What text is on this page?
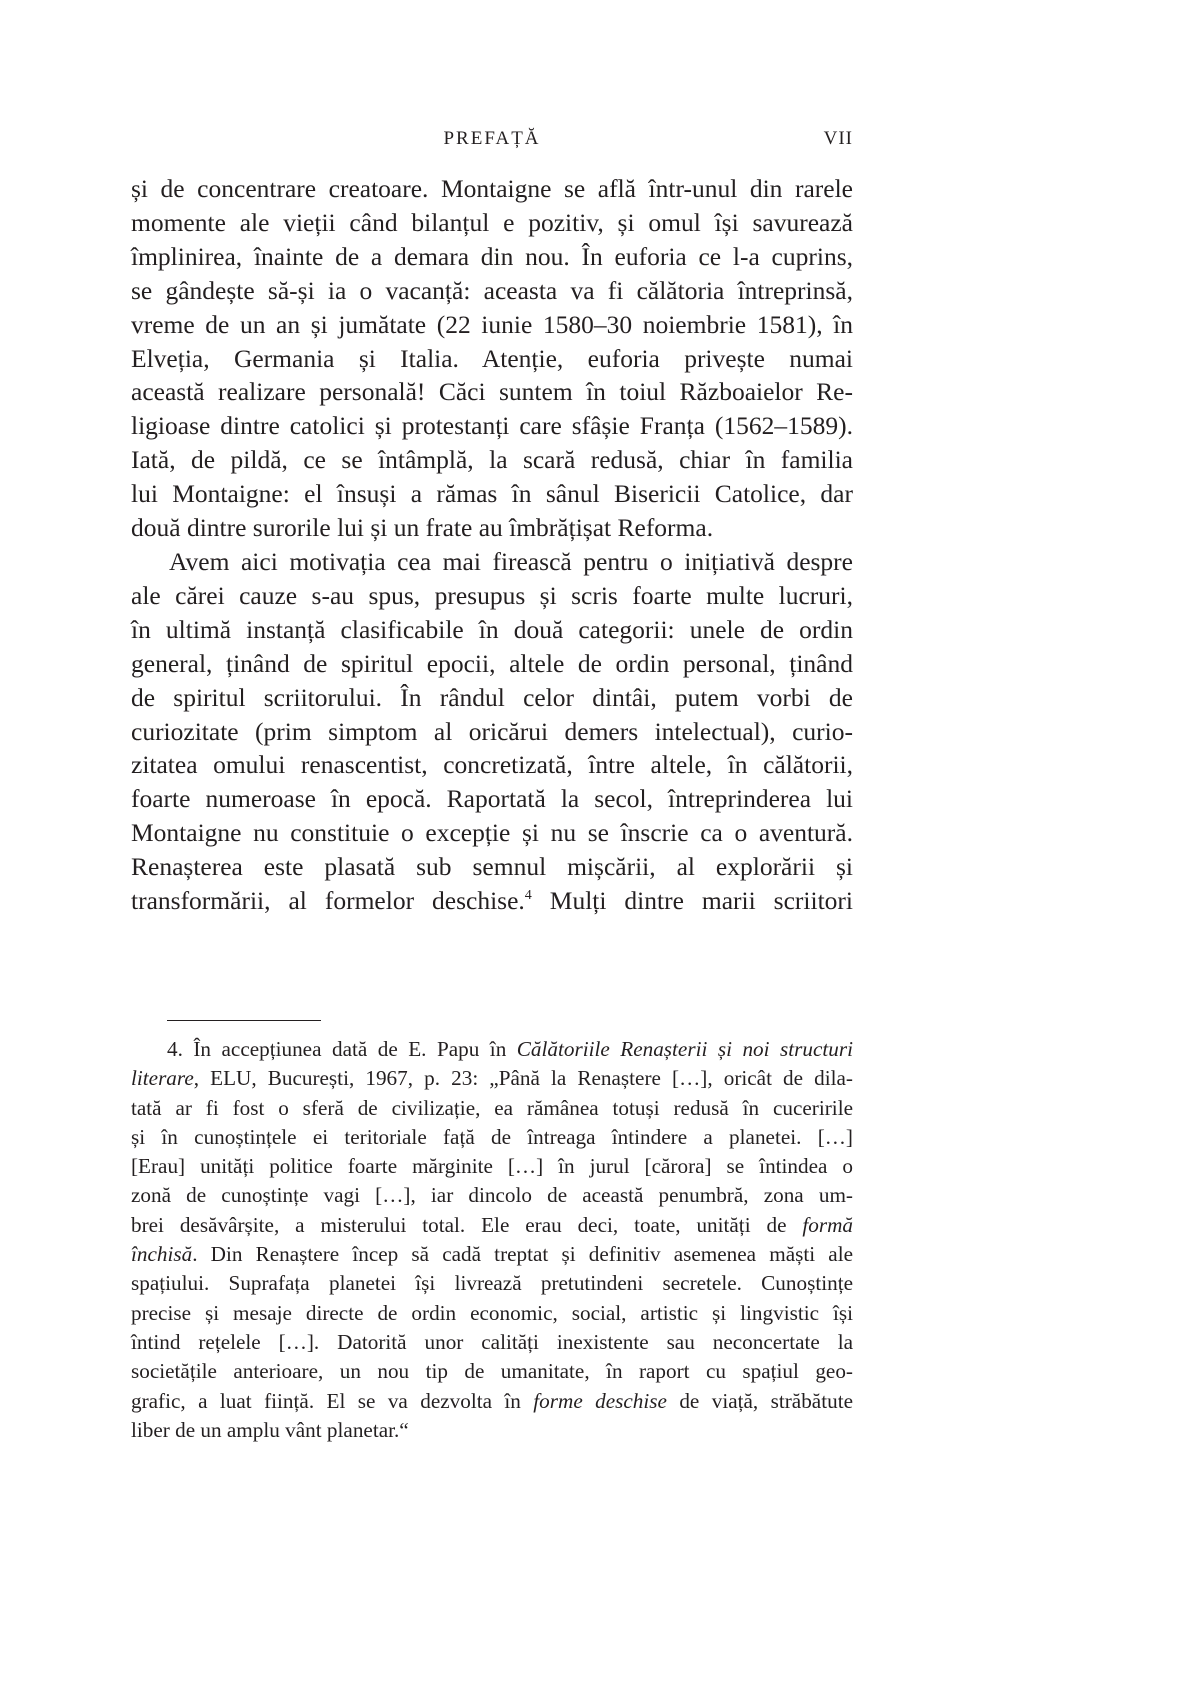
PREFAȚĂ	VII

și de concentrare creatoare. Montaigne se află într-unul din rarele
momente ale vieții când bilanțul e pozitiv, și omul își savurează
împlinirea, înainte de a demara din nou. În euforia ce l-a cuprins,
se gândește să-și ia o vacanță: aceasta va fi călătoria întreprinsă,
vreme de un an și jumătate (22 iunie 1580–30 noiembrie 1581), în
Elveția, Germania și Italia. Atenție, euforia privește numai
această realizare personală! Căci suntem în toiul Războaielor Re-
ligioase dintre catolici și protestanți care sfâșie Franța (1562–1589).
Iată, de pildă, ce se întâmplă, la scară redusă, chiar în familia
lui Montaigne: el însuși a rămas în sânul Bisericii Catolice, dar
două dintre surorile lui și un frate au îmbrățișat Reforma.

Avem aici motivația cea mai firească pentru o inițiativă despre
ale cărei cauze s-au spus, presupus și scris foarte multe lucruri,
în ultimă instanță clasificabile în două categorii: unele de ordin
general, ținând de spiritul epocii, altele de ordin personal, ținând
de spiritul scriitorului. În rândul celor dintâi, putem vorbi de
curiozitate (prim simptom al oricărui demers intelectual), curio-
zitatea omului renascentist, concretizată, între altele, în călătorii,
foarte numeroase în epocă. Raportată la secol, întreprinderea lui
Montaigne nu constituie o excepție și nu se înscrie ca o aventură.
Renașterea este plasată sub semnul mișcării, al explorării și
transformării, al formelor deschise.$^4$ Mulți dintre marii scriitori

4. În accepțiunea dată de E. Papu în Călătoriile Renașterii și noi structuri
literare, ELU, București, 1967, p. 23: „Până la Renaștere […], oricât de dila-
tată ar fi fost o sferă de civilizație, ea rămânea totuși redusă în cuceririle
și în cunoștințele ei teritoriale față de întreaga întindere a planetei. […]
[Erau] unități politice foarte mărginite […] în jurul [cărora] se întindea o
zonă de cunoștințe vagi […], iar dincolo de această penumbră, zona um-
brei desăvârșite, a misterului total. Ele erau deci, toate, unități de formă
închisă. Din Renaștere încep să cadă treptat și definitiv asemenea măști ale
spațiului. Suprafața planetei își livrează pretutindeni secretele. Cunoștințe
precise și mesaje directe de ordin economic, social, artistic și lingvistic își
întind rețelele […]. Datorită unor calități inexistente sau neconcertate la
societățile anterioare, un nou tip de umanitate, în raport cu spațiul geo-
grafic, a luat ființă. El se va dezvolta în forme deschise de viață, străbătute
liber de un amplu vânt planetar.“
